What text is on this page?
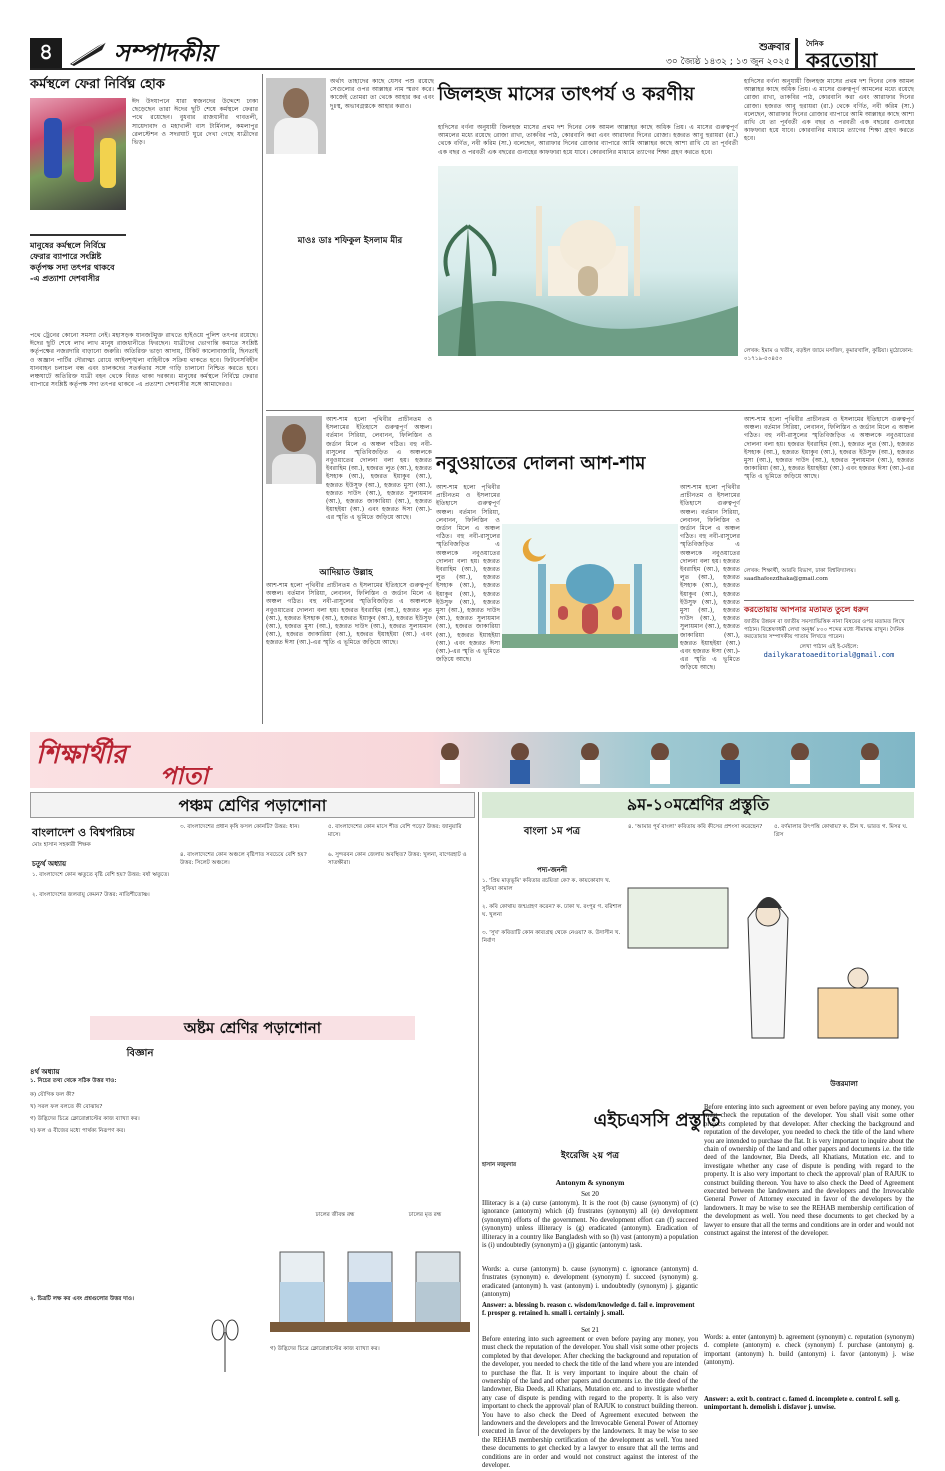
৪	সম্পাদকীয়	শুক্রবার
৩০ জ্যৈষ্ঠ ১৪৩২ ; ১৩ জুন ২০২৫
দৈনিক
করতোয়া
কর্মস্থলে ফেরা নির্বিঘ্ন হোক
ঈদ উদযাপনে যারা স্বজনদের উদ্দেশে ঢাকা ছেড়েছেন তারা ঈদের ছুটি শেষে কর্মস্থলে ফেরার পথে রয়েছেন। বুধবার রাজধানীর গাবতলী, সায়েদাবাদ ও মহাখালী বাস টার্মিনাল, কমলাপুর রেলস্টেশন ও সদরঘাট ঘুরে দেখা গেছে যাত্রীদের ভিড়।
মানুষের কর্মস্থলে নির্বিঘ্নে ফেরার ব্যাপারে সংশ্লিষ্ট কর্তৃপক্ষ সদা তৎপর থাকবে -এ প্রত্যাশা দেশবাসীর
পথে ট্রেনের কোনো সমস্যা নেই। মহাসড়ক যানজটমুক্ত রাখতে হাইওয়ে পুলিশ তৎপর রয়েছে। ঈদের ছুটি শেষে লাখ লাখ মানুষ রাজধানীতে ফিরছেন। যাত্রীদের ভোগান্তি কমাতে সংশ্লিষ্ট কর্তৃপক্ষের নজরদারি বাড়ানো জরুরি। অতিরিক্ত ভাড়া আদায়, টিকিট কালোবাজারি, ছিনতাই ও অজ্ঞান পার্টির দৌরাত্ম্য রোধে আইনশৃঙ্খলা বাহিনীকে সক্রিয় থাকতে হবে। ফিটনেসবিহীন যানবাহন চলাচল বন্ধ এবং চালকদের সতর্কতার সঙ্গে গাড়ি চালানো নিশ্চিত করতে হবে। লঞ্চঘাটে অতিরিক্ত যাত্রী বহন থেকে বিরত থাকা দরকার। মানুষের কর্মস্থলে নির্বিঘ্নে ফেরার ব্যাপারে সংশ্লিষ্ট কর্তৃপক্ষ সদা তৎপর থাকবে -এ প্রত্যাশা দেশবাসীর সঙ্গে আমাদেরও।
অর্থাৎ তাহাদের কাছে যেসব পশু রয়েছে সেগুলোর ওপর আল্লাহর নাম স্মরণ করে। কাজেই তোমরা তা থেকে আহার কর এবং দুঃস্থ, অভাবগ্রস্তকে আহার করাও।
মাওঃ ডাঃ শফিকুল ইসলাম মীর
জিলহজ মাসের তাৎপর্য ও করণীয়
হাদিসের বর্ণনা অনুযায়ী জিলহজ মাসের প্রথম দশ দিনের নেক আমল আল্লাহর কাছে অধিক প্রিয়। এ মাসের গুরুত্বপূর্ণ আমলের মধ্যে রয়েছে রোজা রাখা, তাকবির পাঠ, কোরবানি করা এবং আরাফার দিনের রোজা। হজরত আবু হুরায়রা (রা.) থেকে বর্ণিত, নবী করিম (সা.) বলেছেন, আরাফার দিনের রোজার ব্যাপারে আমি আল্লাহর কাছে আশা রাখি যে তা পূর্ববর্তী এক বছর ও পরবর্তী এক বছরের গুনাহের কাফফারা হয়ে যাবে। কোরবানির মাধ্যমে ত্যাগের শিক্ষা গ্রহণ করতে হবে।
হাদিসের বর্ণনা অনুযায়ী জিলহজ মাসের প্রথম দশ দিনের নেক আমল আল্লাহর কাছে অধিক প্রিয়। এ মাসের গুরুত্বপূর্ণ আমলের মধ্যে রয়েছে রোজা রাখা, তাকবির পাঠ, কোরবানি করা এবং আরাফার দিনের রোজা। হজরত আবু হুরায়রা (রা.) থেকে বর্ণিত, নবী করিম (সা.) বলেছেন, আরাফার দিনের রোজার ব্যাপারে আমি আল্লাহর কাছে আশা রাখি যে তা পূর্ববর্তী এক বছর ও পরবর্তী এক বছরের গুনাহের কাফফারা হয়ে যাবে। কোরবানির মাধ্যমে ত্যাগের শিক্ষা গ্রহণ করতে হবে।
লেখক: ইমাম ও খতীব, বড়ইল জামে মসজিদ, কুমারখালি, কুষ্টিয়া। মুঠোফোন: ০১৭১৯-৫৩৪৫৩
নবুওয়াতের দোলনা আশ-শাম
আদিয়াত উল্লাহ
আশ-শাম হলো পৃথিবীর প্রাচীনতম ও ইসলামের ইতিহাসে গুরুত্বপূর্ণ অঞ্চল। বর্তমান সিরিয়া, লেবানন, ফিলিস্তিন ও জর্ডান মিলে এ অঞ্চল গঠিত। বহু নবী-রাসুলের স্মৃতিবিজড়িত এ অঞ্চলকে নবুওয়াতের দোলনা বলা হয়। হজরত ইবরাহিম (আ.), হজরত লুত (আ.), হজরত ইসহাক (আ.), হজরত ইয়াকুব (আ.), হজরত ইউসুফ (আ.), হজরত মুসা (আ.), হজরত দাউদ (আ.), হজরত সুলায়মান (আ.), হজরত জাকারিয়া (আ.), হজরত ইয়াহইয়া (আ.) এবং হজরত ঈসা (আ.)-এর স্মৃতি এ ভূমিতে জড়িয়ে আছে।
আশ-শাম হলো পৃথিবীর প্রাচীনতম ও ইসলামের ইতিহাসে গুরুত্বপূর্ণ অঞ্চল। বর্তমান সিরিয়া, লেবানন, ফিলিস্তিন ও জর্ডান মিলে এ অঞ্চল গঠিত। বহু নবী-রাসুলের স্মৃতিবিজড়িত এ অঞ্চলকে নবুওয়াতের দোলনা বলা হয়। হজরত ইবরাহিম (আ.), হজরত লুত (আ.), হজরত ইসহাক (আ.), হজরত ইয়াকুব (আ.), হজরত ইউসুফ (আ.), হজরত মুসা (আ.), হজরত দাউদ (আ.), হজরত সুলায়মান (আ.), হজরত জাকারিয়া (আ.), হজরত ইয়াহইয়া (আ.) এবং হজরত ঈসা (আ.)-এর স্মৃতি এ ভূমিতে জড়িয়ে আছে।
আশ-শাম হলো পৃথিবীর প্রাচীনতম ও ইসলামের ইতিহাসে গুরুত্বপূর্ণ অঞ্চল। বর্তমান সিরিয়া, লেবানন, ফিলিস্তিন ও জর্ডান মিলে এ অঞ্চল গঠিত। বহু নবী-রাসুলের স্মৃতিবিজড়িত এ অঞ্চলকে নবুওয়াতের দোলনা বলা হয়। হজরত ইবরাহিম (আ.), হজরত লুত (আ.), হজরত ইসহাক (আ.), হজরত ইয়াকুব (আ.), হজরত ইউসুফ (আ.), হজরত মুসা (আ.), হজরত দাউদ (আ.), হজরত সুলায়মান (আ.), হজরত জাকারিয়া (আ.), হজরত ইয়াহইয়া (আ.) এবং হজরত ঈসা (আ.)-এর স্মৃতি এ ভূমিতে জড়িয়ে আছে।
আশ-শাম হলো পৃথিবীর প্রাচীনতম ও ইসলামের ইতিহাসে গুরুত্বপূর্ণ অঞ্চল। বর্তমান সিরিয়া, লেবানন, ফিলিস্তিন ও জর্ডান মিলে এ অঞ্চল গঠিত। বহু নবী-রাসুলের স্মৃতিবিজড়িত এ অঞ্চলকে নবুওয়াতের দোলনা বলা হয়। হজরত ইবরাহিম (আ.), হজরত লুত (আ.), হজরত ইসহাক (আ.), হজরত ইয়াকুব (আ.), হজরত ইউসুফ (আ.), হজরত মুসা (আ.), হজরত দাউদ (আ.), হজরত সুলায়মান (আ.), হজরত জাকারিয়া (আ.), হজরত ইয়াহইয়া (আ.) এবং হজরত ঈসা (আ.)-এর স্মৃতি এ ভূমিতে জড়িয়ে আছে।
আশ-শাম হলো পৃথিবীর প্রাচীনতম ও ইসলামের ইতিহাসে গুরুত্বপূর্ণ অঞ্চল। বর্তমান সিরিয়া, লেবানন, ফিলিস্তিন ও জর্ডান মিলে এ অঞ্চল গঠিত। বহু নবী-রাসুলের স্মৃতিবিজড়িত এ অঞ্চলকে নবুওয়াতের দোলনা বলা হয়। হজরত ইবরাহিম (আ.), হজরত লুত (আ.), হজরত ইসহাক (আ.), হজরত ইয়াকুব (আ.), হজরত ইউসুফ (আ.), হজরত মুসা (আ.), হজরত দাউদ (আ.), হজরত সুলায়মান (আ.), হজরত জাকারিয়া (আ.), হজরত ইয়াহইয়া (আ.) এবং হজরত ঈসা (আ.)-এর স্মৃতি এ ভূমিতে জড়িয়ে আছে।
লেখক: শিক্ষার্থী, আরবি বিভাগ, ঢাকা বিশ্ববিদ্যালয়। saadhafeezdhaka@gmail.com
করতোয়ায় আপনার মতামত তুলে ধরুন
জাতীয় উন্নয়ন বা জাতীয় সমস্যাভিত্তিক নানা বিষয়ের ওপর মতামত লিখে পাঠান। বিশ্লেষণধর্মী লেখা অনূর্ধ্ব ৮০০ শব্দের মধ্যে সীমাবদ্ধ রাখুন। দৈনিক করতোয়ার সম্পাদকীয় পাতায় লিখতে পারেন।
লেখা পাঠান এই ই-মেইলে:
dailykaratoaeditorial@gmail.com
শিক্ষার্থীর
পাতা
পঞ্চম শ্রেণির পড়াশোনা
বাংলাদেশ ও বিশ্বপরিচয়
মোঃ হাসান সহকারী শিক্ষক
চতুর্থ অধ্যায়
১. বাংলাদেশে কোন ঋতুতে বৃষ্টি বেশি হয়? উত্তর: বর্ষা ঋতুতে।
২. বাংলাদেশের জলবায়ু কেমন? উত্তর: নাতিশীতোষ্ণ।
৩. বাংলাদেশের প্রধান কৃষি ফসল কোনটি? উত্তর: ধান।
৪. বাংলাদেশের কোন অঞ্চলে বৃষ্টিপাত সবচেয়ে বেশি হয়? উত্তর: সিলেট অঞ্চলে।
৫. বাংলাদেশের কোন মাসে শীত বেশি পড়ে? উত্তর: জানুয়ারি মাসে।
৬. সুন্দরবন কোন জেলায় অবস্থিত? উত্তর: খুলনা, বাগেরহাট ও সাতক্ষীরা।
অষ্টম শ্রেণির পড়াশোনা
বিজ্ঞান
৪র্থ অধ্যায়
১. নিচের তথ্য থেকে সঠিক উত্তর দাও:
ক) যৌগিক ফল কী?
খ) সরল ফল বলতে কী বোঝায়?
গ) উদ্ভিদের চিত্রে ক্লোরোপ্লাস্টের কাজ ব্যাখ্যা কর।
ঘ) ফল ও বীজের মধ্যে পার্থক্য নিরূপণ কর।
২. চিত্রটি লক্ষ কর এবং প্রশ্নগুলোর উত্তর দাও।
ঢালের জীবন্ত রন্ধ	ঢালের মৃত রন্ধ
গ) উদ্ভিদের চিত্রে ক্লোরোপ্লাস্টের কাজ ব্যাখ্যা কর।
৯ম-১০মশ্রেণির প্রস্তুতি
বাংলা ১ম পত্র
পদ্য-জননী
১. 'প্রিয় মাতৃভূমি' কবিতার রচয়িতা কে? ক. কায়কোবাদ খ. সুফিয়া কামাল
২. কবি কোথায় জন্মগ্রহণ করেন? ক. ঢাকা খ. রংপুর গ. বরিশাল ঘ. খুলনা
৩. 'সুখ' কবিতাটি কোন কাব্যগ্রন্থ থেকে নেওয়া? ক. উদাসীন খ. নির্বাণ
৪. 'আমার পূর্ব বাংলা' কবিতায় কবি কীসের প্রশংসা করেছেন?	৫. বর্ণমালার উৎপত্তি কোথায়? ক. চীন খ. ভারত গ. মিসর ঘ. গ্রিস
উত্তরমালা
এইচএসসি প্রস্তুতি
ইংরেজি ২য় পত্র
হাসান মজুমদার
Antonym & synonym
Set 20
Illiteracy is a (a) curse (antonym). It is the root (b) cause (synonym) of (c) ignorance (antonym) which (d) frustrates (synonym) all (e) development (synonym) efforts of the government. No development effort can (f) succeed (synonym) unless illiteracy is (g) eradicated (antonym). Eradication of illiteracy in a country like Bangladesh with so (h) vast (antonym) a population is (i) undoubtedly (synonym) a (j) gigantic (antonym) task.
Words: a. curse (antonym) b. cause (synonym) c. ignorance (antonym) d. frustrates (synonym) e. development (synonym) f. succeed (synonym) g. eradicated (antonym) h. vast (antonym) i. undoubtedly (synonym) j. gigantic (antonym)
Answer: a. blessing b. reason c. wisdom/knowledge d. fail e. improvement f. prosper g. retained h. small i. certainly j. small.
Set 21
Before entering into such agreement or even before paying any money, you must check the reputation of the developer. You shall visit some other projects completed by that developer. After checking the background and reputation of the developer, you needed to check the title of the land where you are intended to purchase the flat. It is very important to inquire about the chain of ownership of the land and other papers and documents i.e. the title deed of the landowner, Bia Deeds, all Khatians, Mutation etc. and to investigate whether any case of dispute is pending with regard to the property. It is also very important to check the approval/ plan of RAJUK to construct building thereon. You have to also check the Deed of Agreement executed between the landowners and the developers and the Irrevocable General Power of Attorney executed in favor of the developers by the landowners. It may be wise to see the REHAB membership certification of the development as well. You need these documents to get checked by a lawyer to ensure that all the terms and conditions are in order and would not construct against the interest of the developer.
Before entering into such agreement or even before paying any money, you must check the reputation of the developer. You shall visit some other projects completed by that developer. After checking the background and reputation of the developer, you needed to check the title of the land where you are intended to purchase the flat. It is very important to inquire about the chain of ownership of the land and other papers and documents i.e. the title deed of the landowner, Bia Deeds, all Khatians, Mutation etc. and to investigate whether any case of dispute is pending with regard to the property. It is also very important to check the approval/ plan of RAJUK to construct building thereon. You have to also check the Deed of Agreement executed between the landowners and the developers and the Irrevocable General Power of Attorney executed in favor of the developers by the landowners. It may be wise to see the REHAB membership certification of the development as well. You need these documents to get checked by a lawyer to ensure that all the terms and conditions are in order and would not construct against the interest of the developer.
Words: a. enter (antonym) b. agreement (synonym) c. reputation (synonym) d. complete (antonym) e. check (synonym) f. purchase (antonym) g. important (antonym) h. build (antonym) i. favor (antonym) j. wise (antonym).
Answer: a. exit b. contract c. famed d. incomplete e. control f. sell g. unimportant h. demolish i. disfavor j. unwise.
